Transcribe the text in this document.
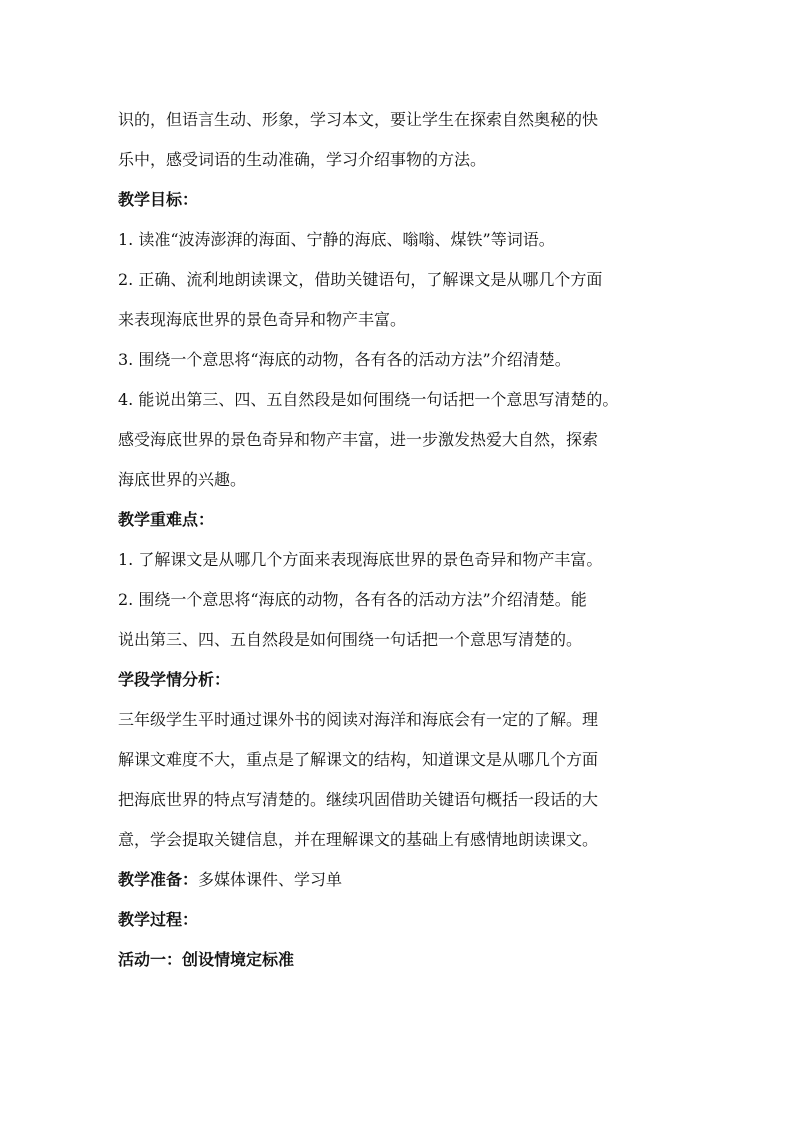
识的，但语言生动、形象，学习本文，要让学生在探索自然奥秘的快
乐中，感受词语的生动准确，学习介绍事物的方法。
教学目标：
1. 读准“波涛澎湃的海面、宁静的海底、嗡嗡、煤铁”等词语。
2. 正确、流利地朗读课文，借助关键语句，了解课文是从哪几个方面
来表现海底世界的景色奇异和物产丰富。
3. 围绕一个意思将“海底的动物，各有各的活动方法”介绍清楚。
4. 能说出第三、四、五自然段是如何围绕一句话把一个意思写清楚的。
感受海底世界的景色奇异和物产丰富，进一步激发热爱大自然，探索
海底世界的兴趣。
教学重难点：
1. 了解课文是从哪几个方面来表现海底世界的景色奇异和物产丰富。
2. 围绕一个意思将“海底的动物，各有各的活动方法”介绍清楚。能
说出第三、四、五自然段是如何围绕一句话把一个意思写清楚的。
学段学情分析：
三年级学生平时通过课外书的阅读对海洋和海底会有一定的了解。理
解课文难度不大，重点是了解课文的结构，知道课文是从哪几个方面
把海底世界的特点写清楚的。继续巩固借助关键语句概括一段话的大
意，学会提取关键信息，并在理解课文的基础上有感情地朗读课文。
教学准备：多媒体课件、学习单
教学过程：
活动一：创设情境定标准
